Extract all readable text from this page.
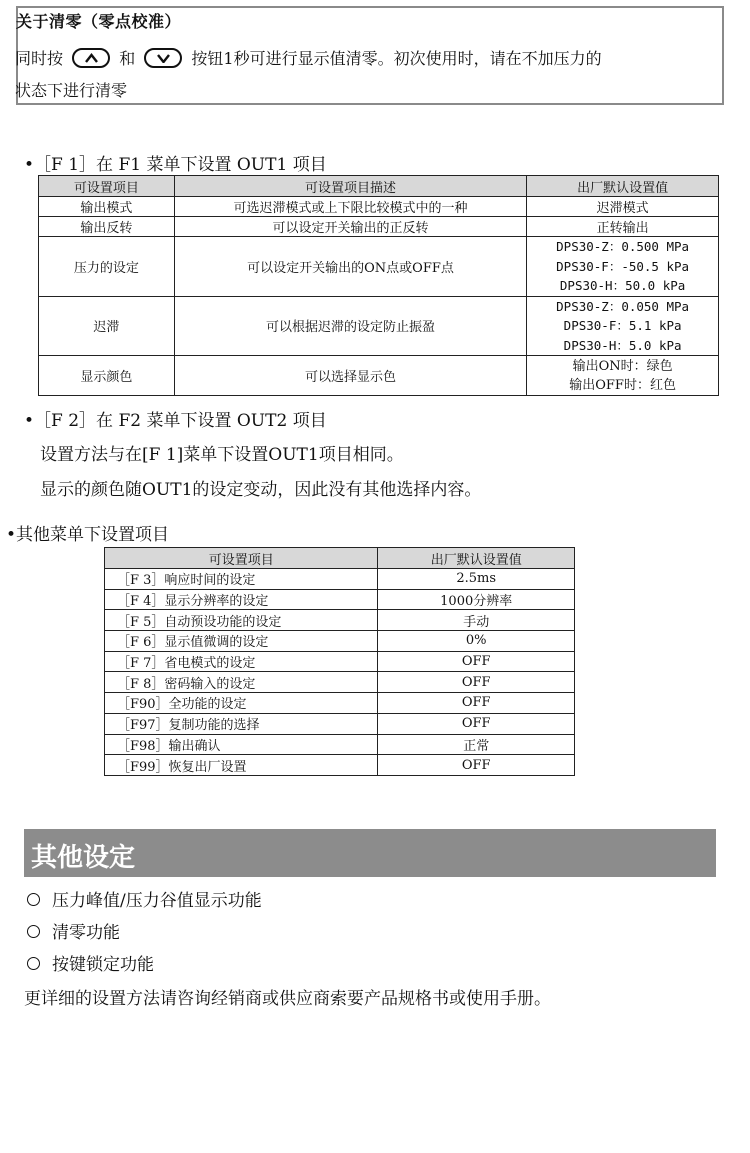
关于清零（零点校准）
同时按	和	按钮1秒可进行显示值清零。初次使用时，请在不加压力的
状态下进行清零
•［F 1］在 F1 菜单下设置 OUT1 项目
可设置项目	可设置项目描述	出厂默认设置值
输出模式	可选迟滞模式或上下限比较模式中的一种	迟滞模式
输出反转	可以设定开关输出的正反转	正转输出
压力的设定	可以设定开关输出的ON点或OFF点	DPS30-Z：0.500 MPa
DPS30-F：-50.5 kPa
DPS30-H：50.0 kPa

迟滞	可以根据迟滞的设定防止振盈	DPS30-Z：0.050 MPa
DPS30-F：5.1 kPa
DPS30-H：5.0 kPa

显示颜色	可以选择显示色	输出ON时：绿色
输出OFF时：红色
•［F 2］在 F2 菜单下设置 OUT2 项目
设置方法与在[F 1]菜单下设置OUT1项目相同。
显示的颜色随OUT1的设定变动，因此没有其他选择内容。
•其他菜单下设置项目
可设置项目	出厂默认设置值
［F 3］响应时间的设定	2.5ms
［F 4］显示分辨率的设定	1000分辨率
［F 5］自动预设功能的设定	手动
［F 6］显示值微调的设定	0%
［F 7］省电模式的设定	OFF
［F 8］密码输入的设定	OFF
［F90］全功能的设定	OFF
［F97］复制功能的选择	OFF
［F98］输出确认	正常
［F99］恢复出厂设置	OFF
其他设定
压力峰值/压力谷值显示功能
清零功能
按键锁定功能
更详细的设置方法请咨询经销商或供应商索要产品规格书或使用手册。
